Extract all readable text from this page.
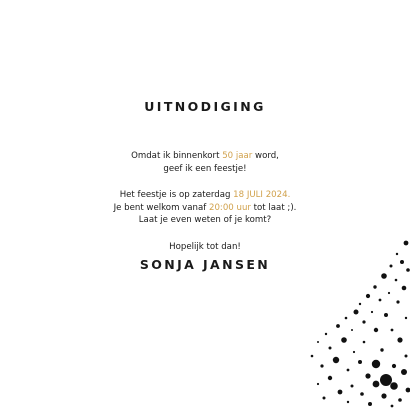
UITNODIGING
Omdat ik binnenkort 50 jaar word,
geef ik een feestje!
Het feestje is op zaterdag 18 JULI 2024.
Je bent welkom vanaf 20:00 uur tot laat ;).
Laat je even weten of je komt?
Hopelijk tot dan!
SONJA JANSEN
